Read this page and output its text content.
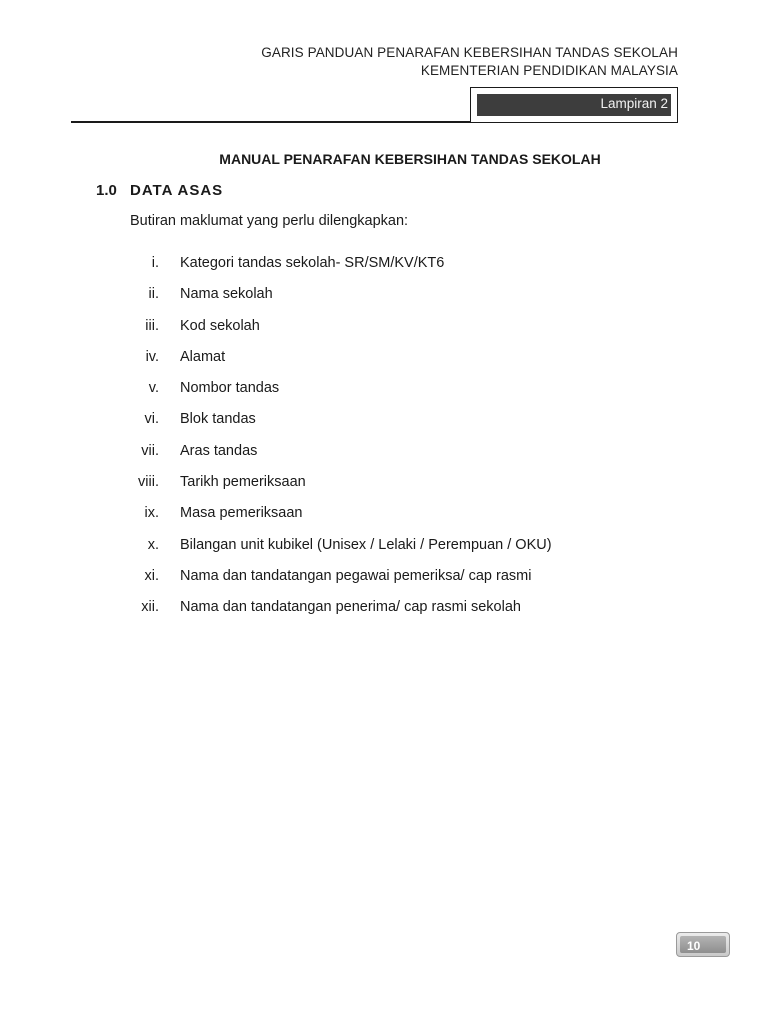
GARIS PANDUAN PENARAFAN KEBERSIHAN TANDAS SEKOLAH
KEMENTERIAN PENDIDIKAN MALAYSIA
Lampiran 2
MANUAL PENARAFAN KEBERSIHAN TANDAS SEKOLAH
1.0 DATA ASAS
Butiran maklumat yang perlu dilengkapkan:
i. Kategori tandas sekolah- SR/SM/KV/KT6
ii. Nama sekolah
iii. Kod sekolah
iv. Alamat
v. Nombor tandas
vi. Blok tandas
vii. Aras tandas
viii. Tarikh pemeriksaan
ix. Masa pemeriksaan
x. Bilangan unit kubikel (Unisex / Lelaki / Perempuan / OKU)
xi. Nama dan tandatangan pegawai pemeriksa/ cap rasmi
xii. Nama dan tandatangan penerima/ cap rasmi sekolah
10
